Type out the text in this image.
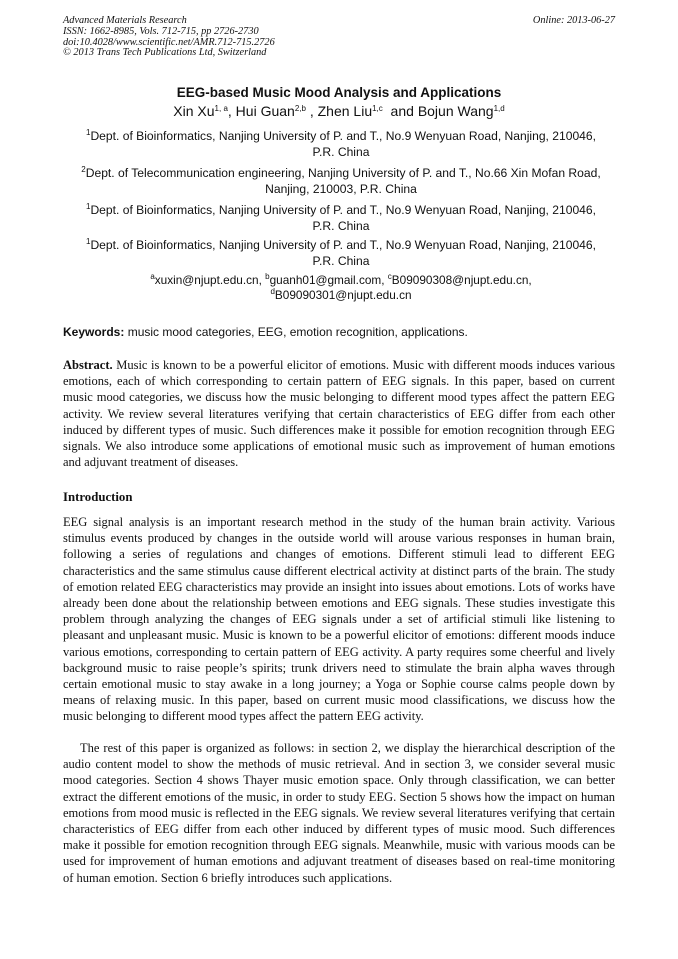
Advanced Materials Research
ISSN: 1662-8985, Vols. 712-715, pp 2726-2730
doi:10.4028/www.scientific.net/AMR.712-715.2726
© 2013 Trans Tech Publications Ltd, Switzerland
Online: 2013-06-27
EEG-based Music Mood Analysis and Applications
Xin Xu$^{1, a}$, Hui Guan$^{2,b}$ , Zhen Liu$^{1,c}$  and Bojun Wang$^{1,d}$
$^1$Dept. of Bioinformatics, Nanjing University of P. and T., No.9 Wenyuan Road, Nanjing, 210046,
P.R. China
$^2$Dept. of Telecommunication engineering, Nanjing University of P. and T., No.66 Xin Mofan Road,
Nanjing, 210003, P.R. China
$^1$Dept. of Bioinformatics, Nanjing University of P. and T., No.9 Wenyuan Road, Nanjing, 210046,
P.R. China
$^1$Dept. of Bioinformatics, Nanjing University of P. and T., No.9 Wenyuan Road, Nanjing, 210046,
P.R. China
$^a$xuxin@njupt.edu.cn, $^b$guanh01@gmail.com, $^c$B09090308@njupt.edu.cn,
$^d$B09090301@njupt.edu.cn
Keywords: music mood categories, EEG, emotion recognition, applications.
Abstract. Music is known to be a powerful elicitor of emotions. Music with different moods induces various emotions, each of which corresponding to certain pattern of EEG signals. In this paper, based on current music mood categories, we discuss how the music belonging to different mood types affect the pattern EEG activity. We review several literatures verifying that certain characteristics of EEG differ from each other induced by different types of music. Such differences make it possible for emotion recognition through EEG signals. We also introduce some applications of emotional music such as improvement of human emotions and adjuvant treatment of diseases.
Introduction
EEG signal analysis is an important research method in the study of the human brain activity. Various stimulus events produced by changes in the outside world will arouse various responses in human brain, following a series of regulations and changes of emotions. Different stimuli lead to different EEG characteristics and the same stimulus cause different electrical activity at distinct parts of the brain. The study of emotion related EEG characteristics may provide an insight into issues about emotions. Lots of works have already been done about the relationship between emotions and EEG signals. These studies investigate this problem through analyzing the changes of EEG signals under a set of artificial stimuli like listening to pleasant and unpleasant music. Music is known to be a powerful elicitor of emotions: different moods induce various emotions, corresponding to certain pattern of EEG activity. A party requires some cheerful and lively background music to raise people’s spirits; trunk drivers need to stimulate the brain alpha waves through certain emotional music to stay awake in a long journey; a Yoga or Sophie course calms people down by means of relaxing music. In this paper, based on current music mood classifications, we discuss how the music belonging to different mood types affect the pattern EEG activity.
The rest of this paper is organized as follows: in section 2, we display the hierarchical description of the audio content model to show the methods of music retrieval. And in section 3, we consider several music mood categories. Section 4 shows Thayer music emotion space. Only through classification, we can better extract the different emotions of the music, in order to study EEG. Section 5 shows how the impact on human emotions from mood music is reflected in the EEG signals. We review several literatures verifying that certain characteristics of EEG differ from each other induced by different types of music mood. Such differences make it possible for emotion recognition through EEG signals. Meanwhile, music with various moods can be used for improvement of human emotions and adjuvant treatment of diseases based on real-time monitoring of human emotion. Section 6 briefly introduces such applications.
